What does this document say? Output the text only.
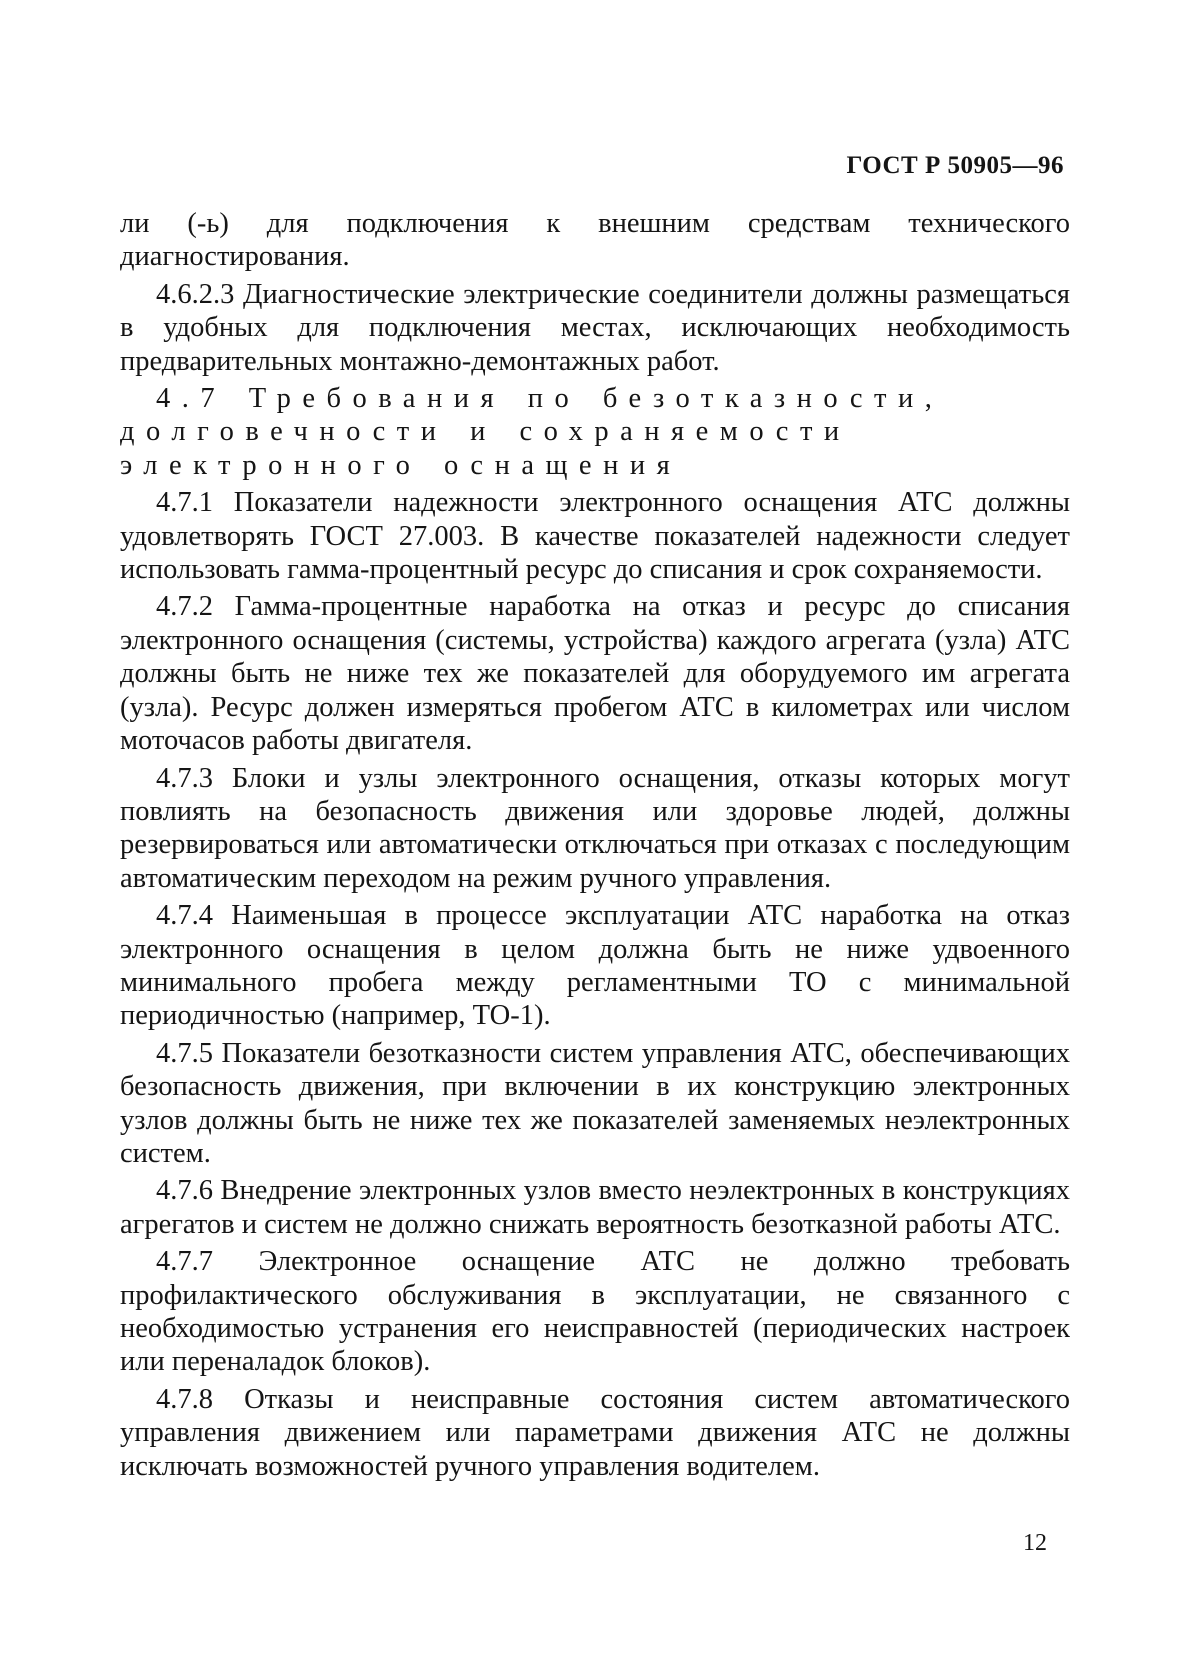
ГОСТ Р 50905—96

ли (-ь) для подключения к внешним средствам технического диагностирования.

4.6.2.3 Диагностические электрические соединители должны размещаться в удобных для подключения местах, исключающих необходимость предварительных монтажно-демонтажных работ.

4.7 Требования по безотказности, долговечности и сохраняемости электронного оснащения

4.7.1 Показатели надежности электронного оснащения АТС должны удовлетворять ГОСТ 27.003. В качестве показателей надежности следует использовать гамма-процентный ресурс до списания и срок сохраняемости.

4.7.2 Гамма-процентные наработка на отказ и ресурс до списания электронного оснащения (системы, устройства) каждого агрегата (узла) АТС должны быть не ниже тех же показателей для оборудуемого им агрегата (узла). Ресурс должен измеряться пробегом АТС в километрах или числом моточасов работы двигателя.

4.7.3 Блоки и узлы электронного оснащения, отказы которых могут повлиять на безопасность движения или здоровье людей, должны резервироваться или автоматически отключаться при отказах с последующим автоматическим переходом на режим ручного управления.

4.7.4 Наименьшая в процессе эксплуатации АТС наработка на отказ электронного оснащения в целом должна быть не ниже удвоенного минимального пробега между регламентными ТО с минимальной периодичностью (например, ТО-1).

4.7.5 Показатели безотказности систем управления АТС, обеспечивающих безопасность движения, при включении в их конструкцию электронных узлов должны быть не ниже тех же показателей заменяемых неэлектронных систем.

4.7.6 Внедрение электронных узлов вместо неэлектронных в конструкциях агрегатов и систем не должно снижать вероятность безотказной работы АТС.

4.7.7 Электронное оснащение АТС не должно требовать профилактического обслуживания в эксплуатации, не связанного с необходимостью устранения его неисправностей (периодических настроек или переналадок блоков).

4.7.8 Отказы и неисправные состояния систем автоматического управления движением или параметрами движения АТС не должны исключать возможностей ручного управления водителем.

12
